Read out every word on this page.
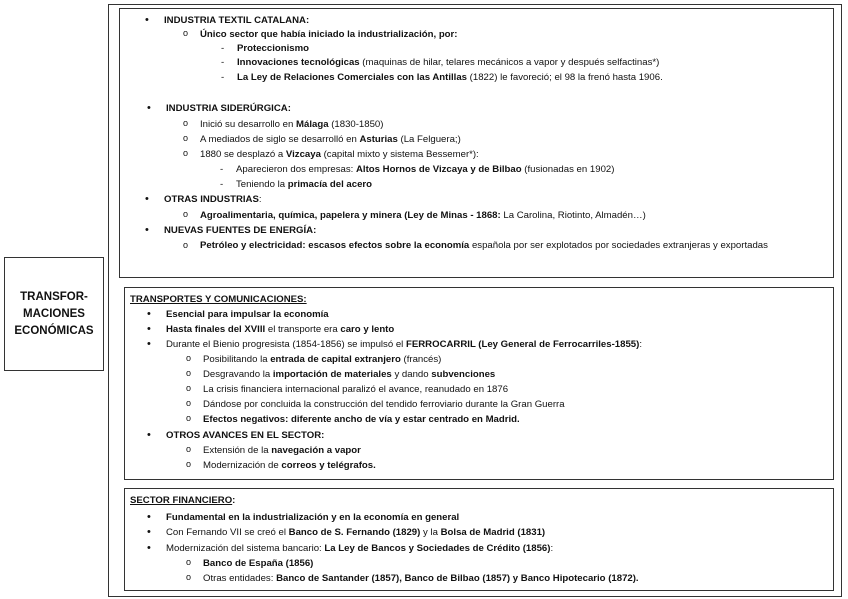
TRANSFOR-
MACIONES
ECONÓMICAS
• INDUSTRIA TEXTIL CATALANA:
o Único sector que había iniciado la industrialización, por:
- Proteccionismo
- Innovaciones tecnológicas (maquinas de hilar, telares mecánicos a vapor y después selfactinas*)
- La Ley de Relaciones Comerciales con las Antillas (1822) le favoreció; el 98 la frenó hasta 1906.
• INDUSTRIA SIDERÚRGICA:
o Inició su desarrollo en Málaga (1830-1850)
o A mediados de siglo se desarrolló en Asturias (La Felguera;)
o 1880 se desplazó a Vizcaya (capital mixto y sistema Bessemer*):
- Aparecieron dos empresas: Altos Hornos de Vizcaya y de Bilbao (fusionadas en 1902)
- Teniendo la primacía del acero
• OTRAS INDUSTRIAS:
o Agroalimentaria, química, papelera y minera (Ley de Minas - 1868: La Carolina, Riotinto, Almadén…)
• NUEVAS FUENTES DE ENERGÍA:
o Petróleo y electricidad: escasos efectos sobre la economía española por ser explotados por sociedades extranjeras y exportadas
TRANSPORTES Y COMUNICACIONES:
• Esencial para impulsar la economía
• Hasta finales del XVIII el transporte era caro y lento
• Durante el Bienio progresista (1854-1856) se impulsó el FERROCARRIL (Ley General de Ferrocarriles-1855):
o Posibilitando la entrada de capital extranjero (francés)
o Desgravando la importación de materiales y dando subvenciones
o La crisis financiera internacional paralizó el avance, reanudado en 1876
o Dándose por concluida la construcción del tendido ferroviario durante la Gran Guerra
o Efectos negativos: diferente ancho de vía y estar centrado en Madrid.
• OTROS AVANCES EN EL SECTOR:
o Extensión de la navegación a vapor
o Modernización de correos y telégrafos.
SECTOR FINANCIERO:
• Fundamental en la industrialización y en la economía en general
• Con Fernando VII se creó el Banco de S. Fernando (1829) y la Bolsa de Madrid (1831)
• Modernización del sistema bancario: La Ley de Bancos y Sociedades de Crédito (1856):
o Banco de España (1856)
o Otras entidades: Banco de Santander (1857), Banco de Bilbao (1857) y Banco Hipotecario (1872).
